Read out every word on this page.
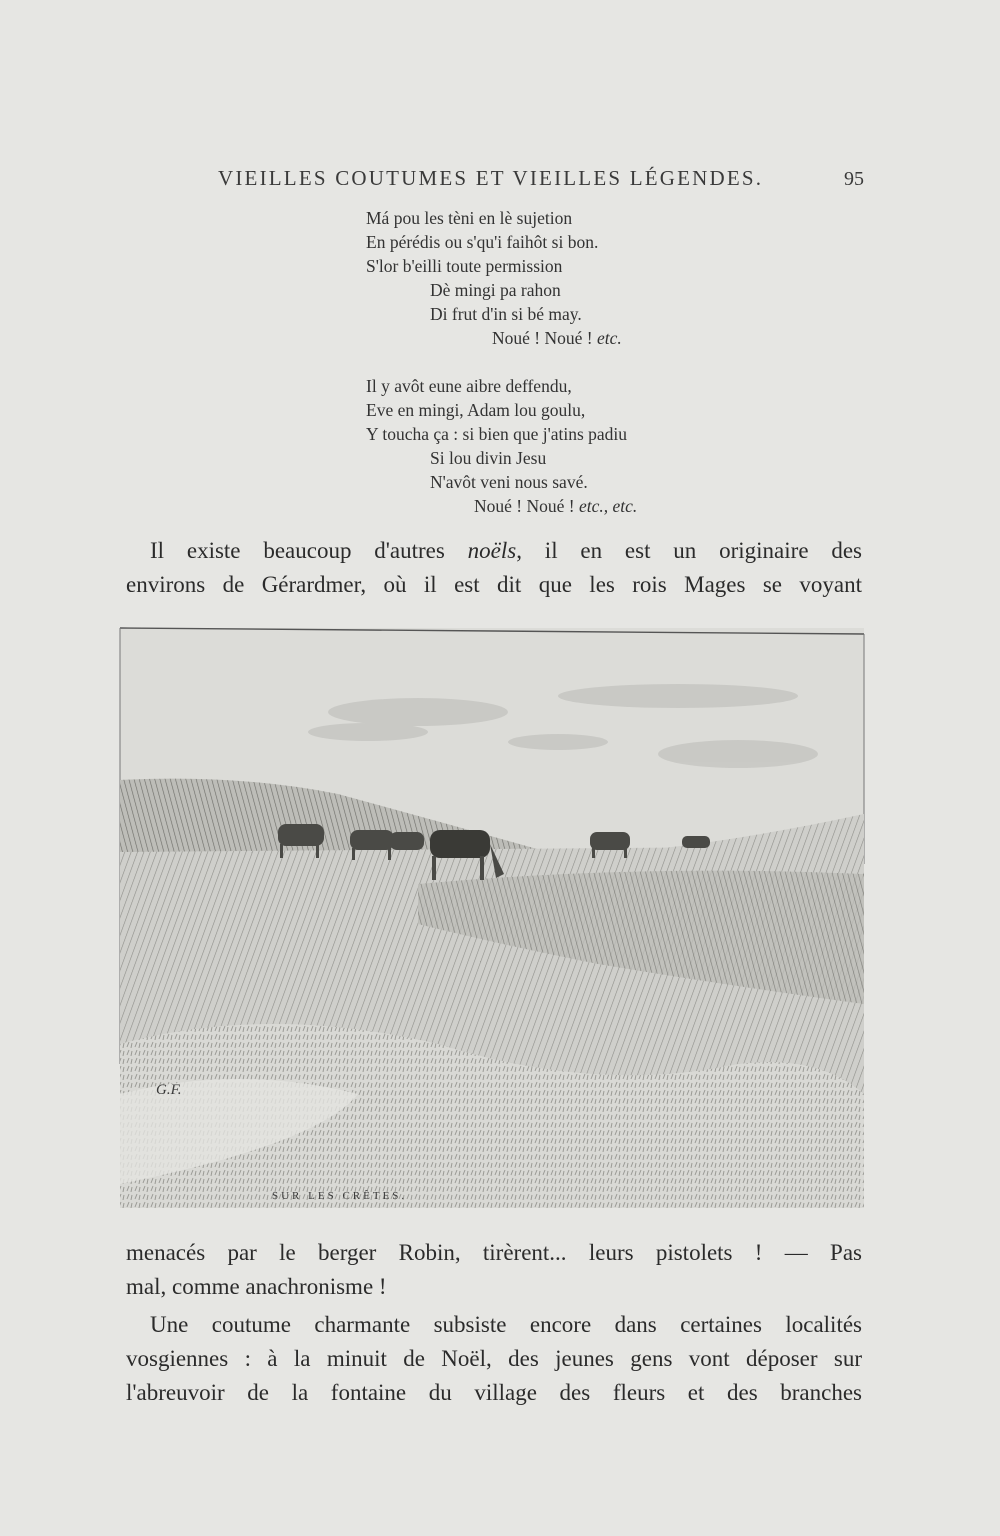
VIEILLES COUTUMES ET VIEILLES LÉGENDES.	95
Má pou les tèni en lè sujetion
En pérédis ou s'qu'i faihôt si bon.
S'lor b'eilli toute permission
Dè mingi pa rahon
Di frut d'in si bé may.
Noué ! Noué ! etc.
Il y avôt eune aibre deffendu,
Eve en mingi, Adam lou goulu,
Y toucha ça : si bien que j'atins padiu
Si lou divin Jesu
N'avôt veni nous savé.
Noué ! Noué ! etc., etc.
Il existe beaucoup d'autres noëls, il en est un originaire des
environs de Gérardmer, où il est dit que les rois Mages se voyant
G.F.
SUR LES CRÊTES.
menacés par le berger Robin, tirèrent... leurs pistolets ! — Pas
mal, comme anachronisme !
Une coutume charmante subsiste encore dans certaines localités
vosgiennes : à la minuit de Noël, des jeunes gens vont déposer sur
l'abreuvoir de la fontaine du village des fleurs et des branches
